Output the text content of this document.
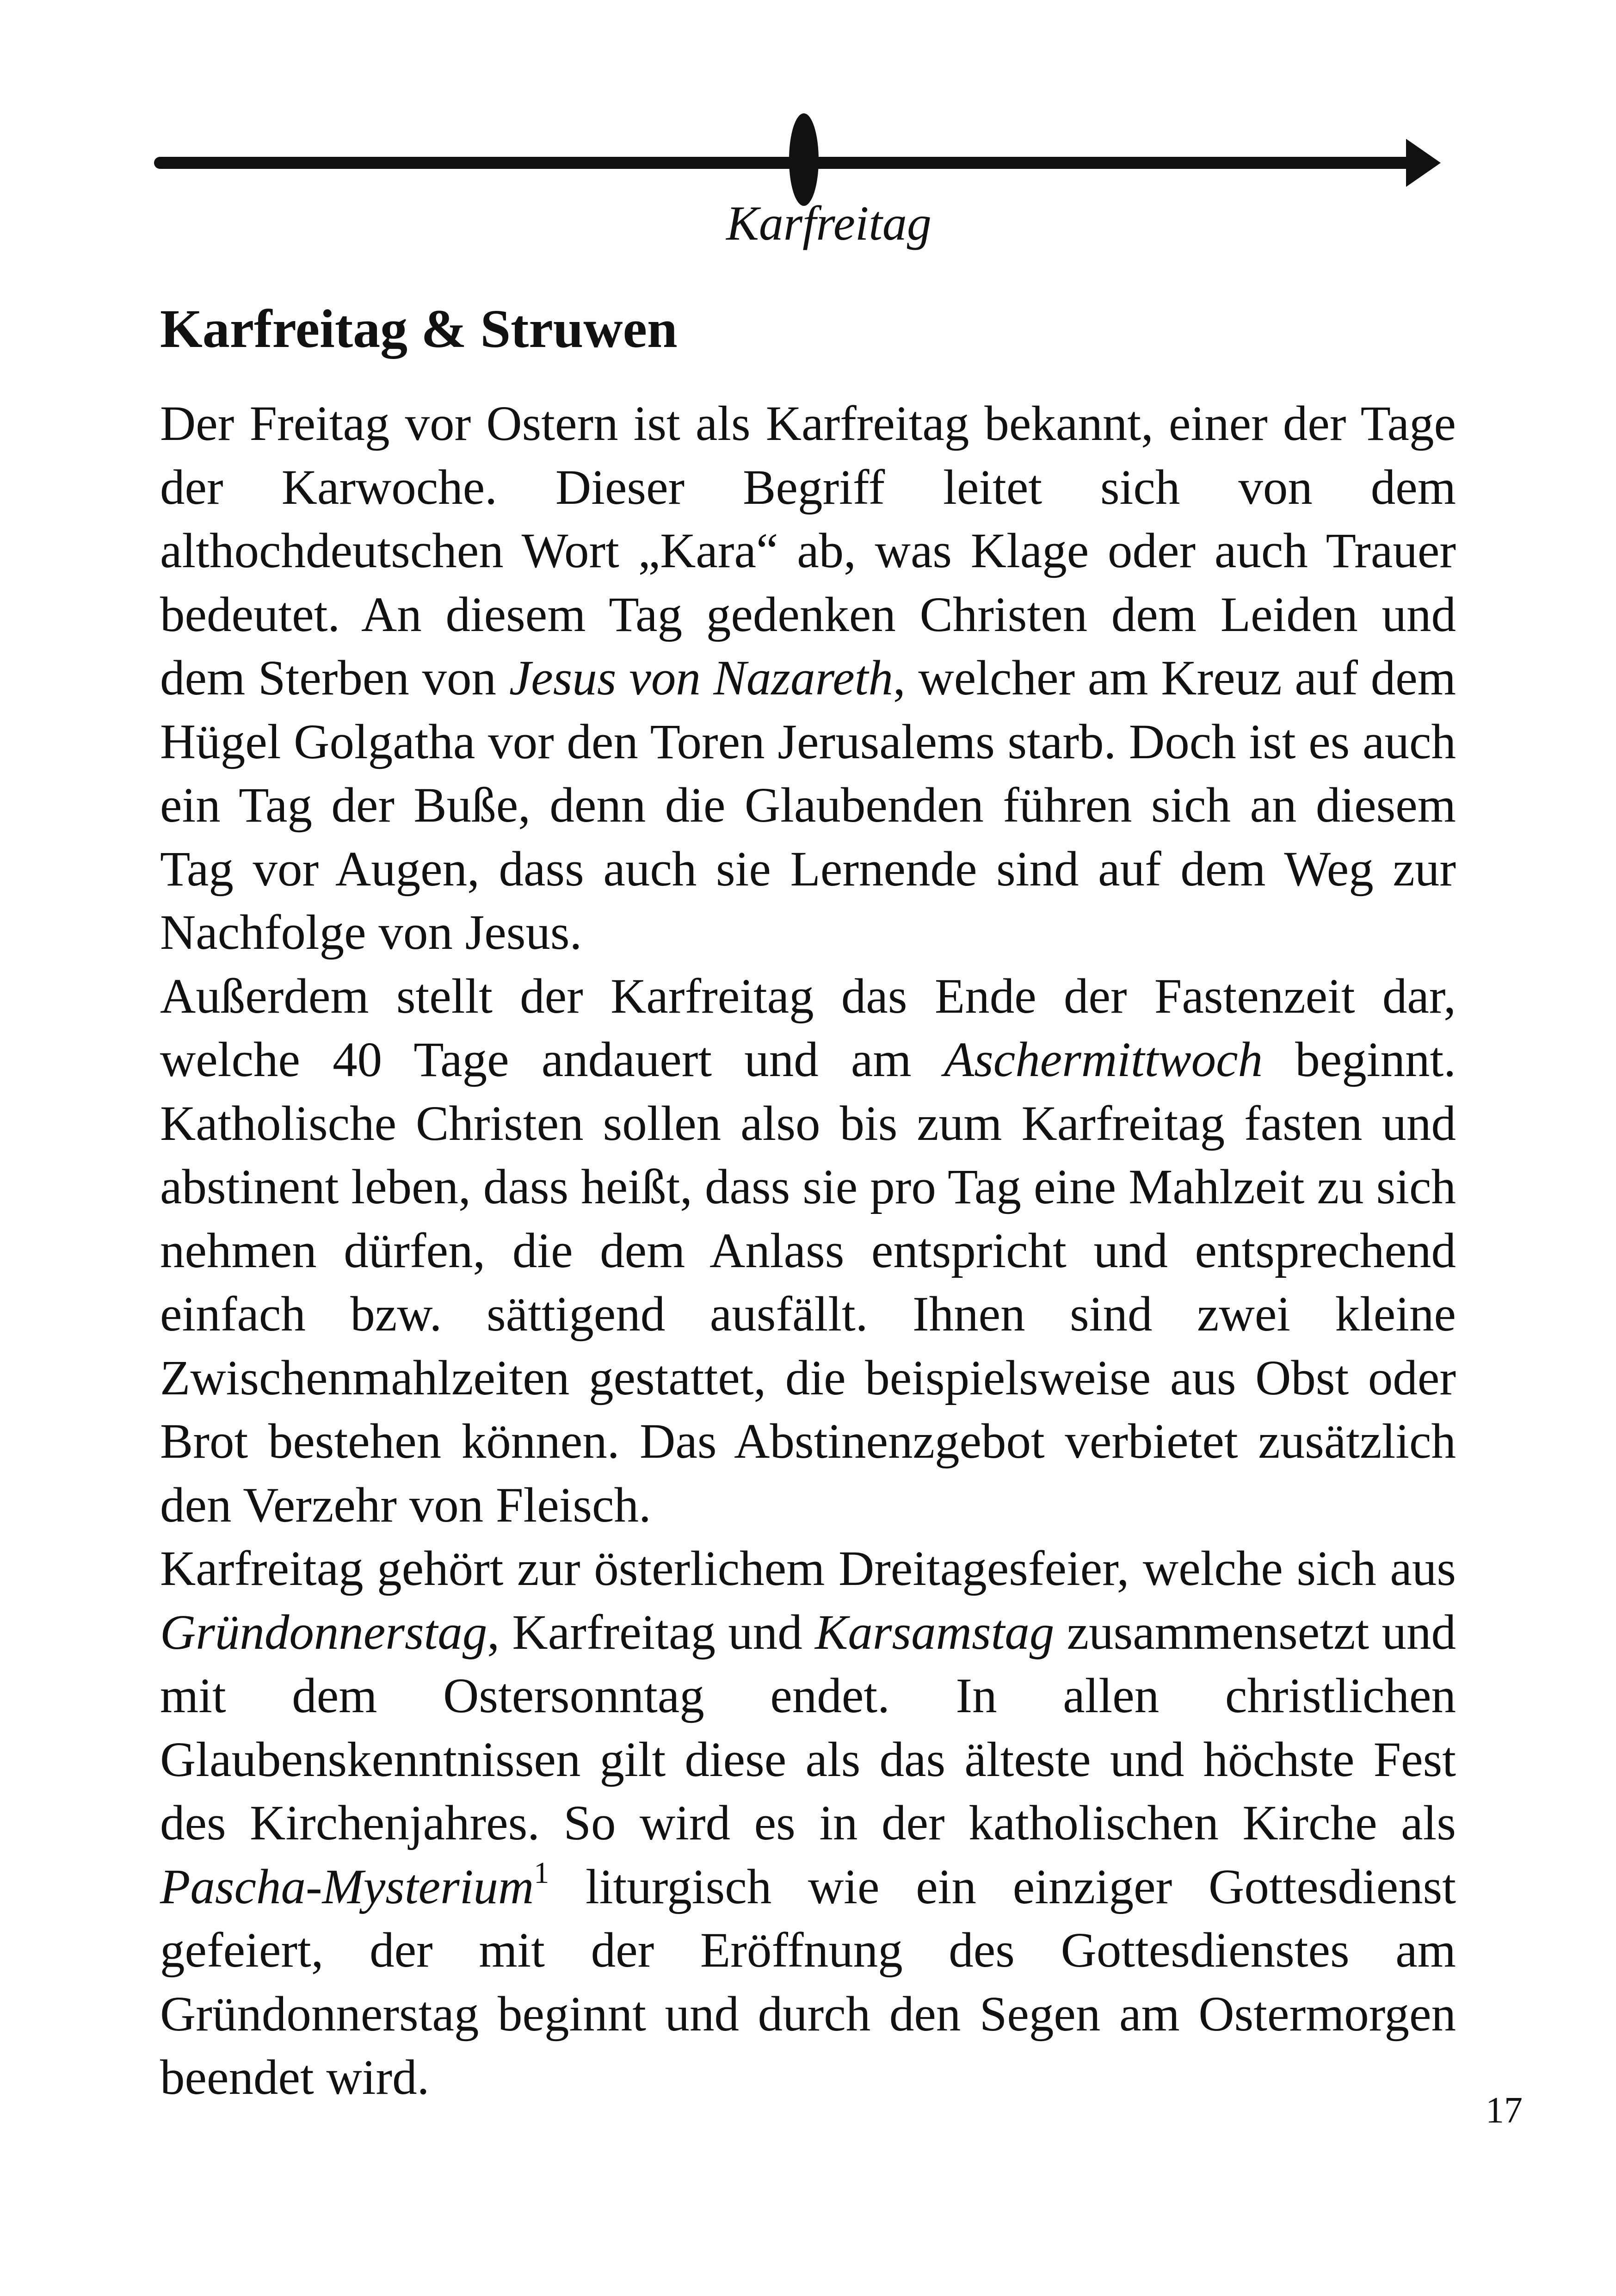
Karfreitag
Karfreitag & Struwen

Der Freitag vor Ostern ist als Karfreitag bekannt, einer der Tage der Karwoche. Dieser Begriff leitet sich von dem althochdeutschen Wort „Kara“ ab, was Klage oder auch Trauer bedeutet. An diesem Tag gedenken Christen dem Leiden und dem Sterben von Jesus von Nazareth, welcher am Kreuz auf dem Hügel Golgatha vor den Toren Jerusalems starb. Doch ist es auch ein Tag der Buße, denn die Glaubenden führen sich an diesem Tag vor Augen, dass auch sie Lernende sind auf dem Weg zur Nachfolge von Jesus.

Außerdem stellt der Karfreitag das Ende der Fastenzeit dar, welche 40 Tage andauert und am Aschermittwoch beginnt. Katholische Christen sollen also bis zum Karfreitag fasten und abstinent leben, dass heißt, dass sie pro Tag eine Mahlzeit zu sich nehmen dürfen, die dem Anlass entspricht und entsprechend einfach bzw. sättigend ausfällt. Ihnen sind zwei kleine Zwischenmahlzeiten gestattet, die beispielsweise aus Obst oder Brot bestehen können. Das Abstinenzgebot verbietet zusätzlich den Verzehr von Fleisch.

Karfreitag gehört zur österlichem Dreitagesfeier, welche sich aus Gründonnerstag, Karfreitag und Karsamstag zusammensetzt und mit dem Ostersonntag endet. In allen christlichen Glaubenskenntnissen gilt diese als das älteste und höchste Fest des Kirchenjahres. So wird es in der katholischen Kirche als Pascha-Mysterium$^1$ liturgisch wie ein einziger Gottesdienst gefeiert, der mit der Eröffnung des Gottesdienstes am Gründonnerstag beginnt und durch den Segen am Ostermorgen beendet wird.

17
